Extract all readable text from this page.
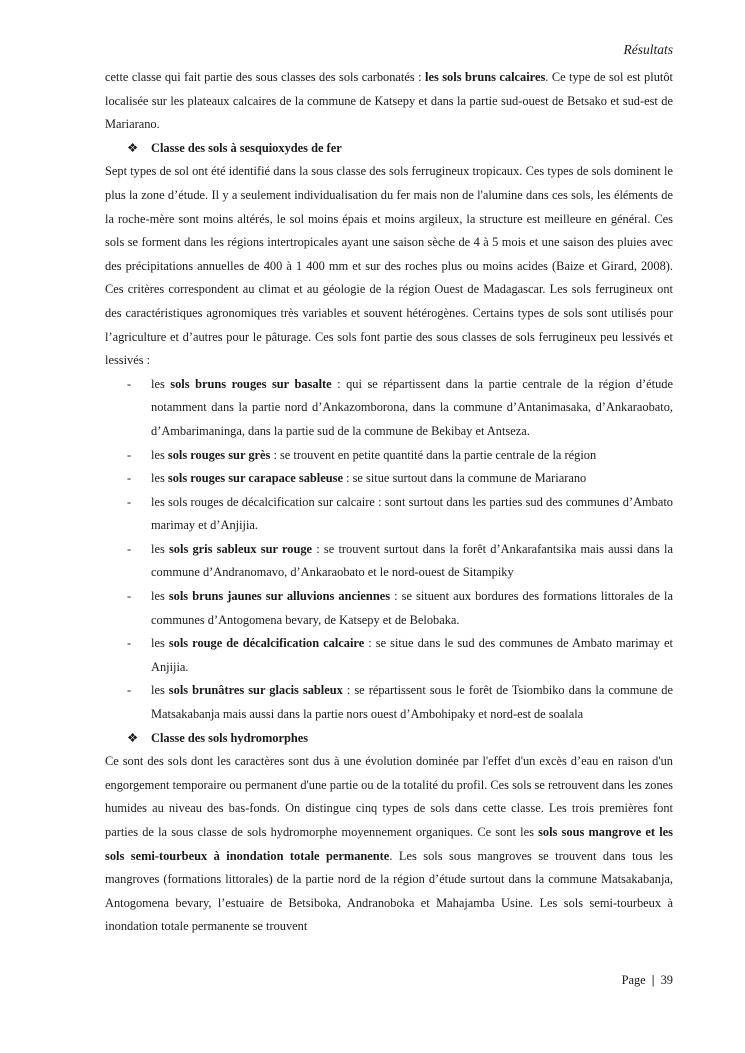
Résultats

cette classe qui fait partie des sous classes des sols carbonatés : les sols bruns calcaires. Ce type de sol est plutôt localisée sur les plateaux calcaires de la commune de Katsepy et dans la partie sud-ouest de Betsako et sud-est de Mariarano.

❖ Classe des sols à sesquioxydes de fer

Sept types de sol ont été identifié dans la sous classe des sols ferrugineux tropicaux. Ces types de sols dominent le plus la zone d’étude. Il y a seulement individualisation du fer mais non de l'alumine dans ces sols, les éléments de la roche-mère sont moins altérés, le sol moins épais et moins argileux, la structure est meilleure en général. Ces sols se forment dans les régions intertropicales ayant une saison sèche de 4 à 5 mois et une saison des pluies avec des précipitations annuelles de 400 à 1 400 mm et sur des roches plus ou moins acides (Baize et Girard, 2008). Ces critères correspondent au climat et au géologie de la région Ouest de Madagascar. Les sols ferrugineux ont des caractéristiques agronomiques très variables et souvent hétérogènes. Certains types de sols sont utilisés pour l’agriculture et d’autres pour le pâturage. Ces sols font partie des sous classes de sols ferrugineux peu lessivés et lessivés :

- les sols bruns rouges sur basalte : qui se répartissent dans la partie centrale de la région d’étude notamment dans la partie nord d’Ankazomborona, dans la commune d’Antanimasaka, d’Ankaraobato, d’Ambarimaninga, dans la partie sud de la commune de Bekibay et Antseza.
- les sols rouges sur grès : se trouvent en petite quantité dans la partie centrale de la région
- les sols rouges sur carapace sableuse : se situe surtout dans la commune de Mariarano
- les sols rouges de décalcification sur calcaire : sont surtout dans les parties sud des communes d’Ambato marimay et d’Anjijia.
- les sols gris sableux sur rouge : se trouvent surtout dans la forêt d’Ankarafantsika mais aussi dans la commune d’Andranomavo, d’Ankaraobato et le nord-ouest de Sitampiky
- les sols bruns jaunes sur alluvions anciennes : se situent aux bordures des formations littorales de la communes d’Antogomena bevary, de Katsepy et de Belobaka.
- les sols rouge de décalcification calcaire : se situe dans le sud des communes de Ambato marimay et Anjijia.
- les sols brunâtres sur glacis sableux : se répartissent sous le forêt de Tsiombiko dans la commune de Matsakabanja mais aussi dans la partie nors ouest d’Ambohipaky et nord-est de soalala

❖ Classe des sols hydromorphes

Ce sont des sols dont les caractères sont dus à une évolution dominée par l'effet d'un excès d’eau en raison d'un engorgement temporaire ou permanent d'une partie ou de la totalité du profil. Ces sols se retrouvent dans les zones humides au niveau des bas-fonds. On distingue cinq types de sols dans cette classe. Les trois premières font parties de la sous classe de sols hydromorphe moyennement organiques. Ce sont les sols sous mangrove et les sols semi-tourbeux à inondation totale permanente. Les sols sous mangroves se trouvent dans tous les mangroves (formations littorales) de la partie nord de la région d’étude surtout dans la commune Matsakabanja, Antogomena bevary, l’estuaire de Betsiboka, Andranoboka et Mahajamba Usine. Les sols semi-tourbeux à inondation totale permanente se trouvent

Page | 39
